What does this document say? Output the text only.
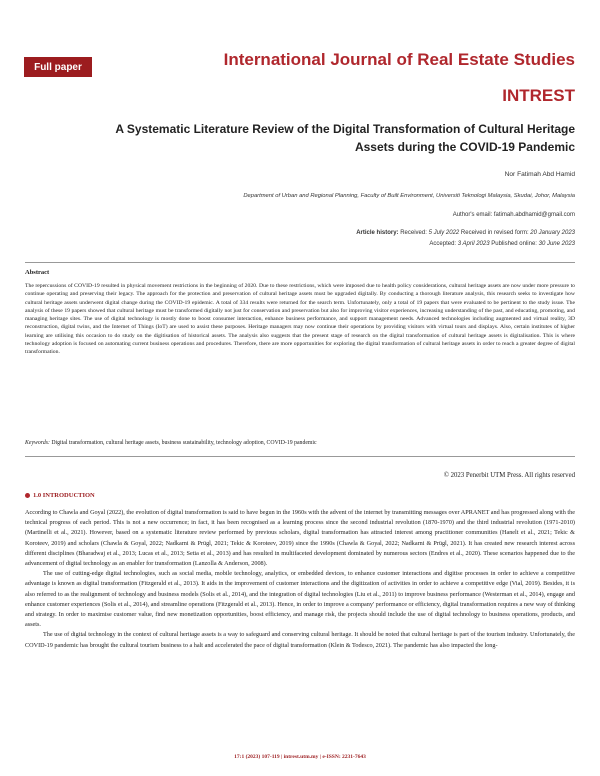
Full paper	International Journal of Real Estate Studies
INTREST
A Systematic Literature Review of the Digital Transformation of Cultural Heritage Assets during the COVID-19 Pandemic
Nor Fatimah Abd Hamid
Department of Urban and Regional Planning, Faculty of Built Environment, Universiti Teknologi Malaysia, Skudai, Johor, Malaysia
Author's email: fatimah.abdhamid@gmail.com
Article history: Received: 5 July 2022 Received in revised form: 20 January 2023
Accepted: 3 April 2023 Published online: 30 June 2023
Abstract
The repercussions of COVID-19 resulted in physical movement restrictions in the beginning of 2020. Due to these restrictions, which were imposed due to health policy considerations, cultural heritage assets are now under more pressure to continue operating and preserving their legacy. The approach for the protection and preservation of cultural heritage assets must be upgraded digitally. By conducting a thorough literature analysis, this research seeks to investigate how cultural heritage assets underwent digital change during the COVID-19 epidemic. A total of 334 results were returned for the search term. Unfortunately, only a total of 19 papers that were evaluated to be pertinent to the study issue. The analysis of these 19 papers showed that cultural heritage must be transformed digitally not just for conservation and preservation but also for improving visitor experiences, increasing understanding of the past, and educating, promoting, and managing heritage sites. The use of digital technology is mostly done to boost consumer interaction, enhance business performance, and support management needs. Advanced technologies including augmented and virtual reality, 3D reconstruction, digital twins, and the Internet of Things (IoT) are used to assist these purposes. Heritage managers may now continue their operations by providing visitors with virtual tours and displays. Also, certain institutes of higher learning are utilising this occasion to do study on the digitisation of historical assets. The analysis also suggests that the present stage of research on the digital transformation of cultural heritage assets is digitalisation. This is where technology adoption is focused on automating current business operations and procedures. Therefore, there are more opportunities for exploring the digital transformation of cultural heritage assets in order to reach a greater degree of digital transformation.
Keywords: Digital transformation, cultural heritage assets, business sustainability, technology adoption, COVID-19 pandemic
© 2023 Penerbit UTM Press. All rights reserved
1.0 INTRODUCTION

According to Chawla and Goyal (2022), the evolution of digital transformation is said to have begun in the 1960s with the advent of the internet by transmitting messages over APRANET and has progressed along with the technical progress of each period. This is not a new occurrence; in fact, it has been recognised as a learning process since the second industrial revolution (1870-1970) and the third industrial revolution (1971-2010) (Martinelli et al., 2021). However, based on a systematic literature review performed by previous scholars, digital transformation has attracted interest among practitioner communities (Hanelt et al., 2021; Tekic & Koroteev, 2019) and scholars (Chawla & Goyal, 2022; Nadkarni & Prügl, 2021; Tekic & Koroteev, 2019) since the 1990s (Chawla & Goyal, 2022; Nadkarni & Prügl, 2021). It has created new research interest across different disciplines (Bharadwaj et al., 2013; Lucas et al., 2013; Setia et al., 2013) and has resulted in multifaceted development dominated by numerous sectors (Endres et al., 2020). These scenarios happened due to the advancement of digital technology as an enabler for transformation (Lanzolla & Anderson, 2008).

The use of cutting-edge digital technologies, such as social media, mobile technology, analytics, or embedded devices, to enhance customer interactions and digitise processes in order to achieve a competitive advantage is known as digital transformation (Fitzgerald et al., 2013). It aids in the improvement of customer interactions and the digitization of activities in order to achieve a competitive edge (Vial, 2019). Besides, it is also referred to as the realignment of technology and business models (Solis et al., 2014), and the integration of digital technologies (Liu et al., 2011) to improve business performance (Westerman et al., 2014), engage and enhance customer experiences (Solis et al., 2014), and streamline operations (Fitzgerald et al., 2013). Hence, in order to improve a company' performance or efficiency, digital transformation requires a new way of thinking and strategy. In order to maximise customer value, find new monetization opportunities, boost efficiency, and manage risk, the projects should include the use of digital technology to business operations, products, and assets.

The use of digital technology in the context of cultural heritage assets is a way to safeguard and conserving cultural heritage. It should be noted that cultural heritage is part of the tourism industry. Unfortunately, the COVID-19 pandemic has brought the cultural tourism business to a halt and accelerated the pace of digital transformation (Klein & Todesco, 2021). The pandemic has also impacted the long-

17:1 (2023) 107-119 | intrest.utm.my | e-ISSN: 2231-7643
